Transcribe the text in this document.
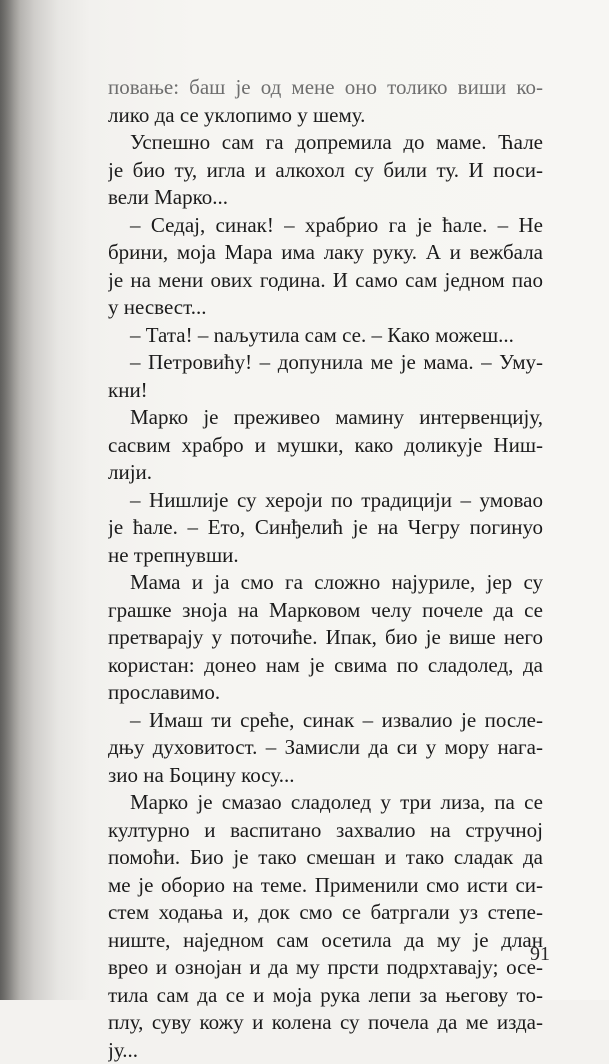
повање: баш је од мене оно толико виши ко-
лико да се уклопимо у шему.
Успешно сам га допремила до маме. Ћале
је био ту, игла и алкохол су били ту. И поси-
вели Марко...
– Седај, синак! – храбрио га је ћале. – Не
брини, моја Мара има лаку руку. А и вежбала
је на мени ових година. И само сам једном пао
у несвест...
– Тата! – naљутила сам се. – Како можеш...
– Петровићу! – допунила ме је мама. – Уму-
кни!
Марко је преживео мамину интервенцију,
сасвим храбро и мушки, како доликује Ниш-
лији.
– Нишлије су хероји по традицији – умовао
је ћале. – Ето, Синђелић је на Чегру погинуо
не трепнувши.
Мама и ја смо га сложно најуриле, јер су
грашке зноја на Марковом челу почеле да се
претварају у поточиће. Ипак, био је више него
користан: донео нам је свима по сладолед, да
прославимо.
– Имаш ти среће, синак – извалио је после-
дњу духовитост. – Замисли да си у мору нага-
зио на Боцину косу...
Марко је смазао сладолед у три лиза, па се
културно и васпитано захвалио на стручној
помоћи. Био је тако смешан и тако сладак да
ме је оборио на теме. Применили смо исти си-
стем ходања и, док смо се батргали уз степе-
ниште, наједном сам осетила да му је длан
вреo и ознојан и да му прсти подрхтавају; осе-
тила сам да се и моја рука лепи за његову то-
плу, суву кожу и колена су почела да ме изда-
ју...
91
